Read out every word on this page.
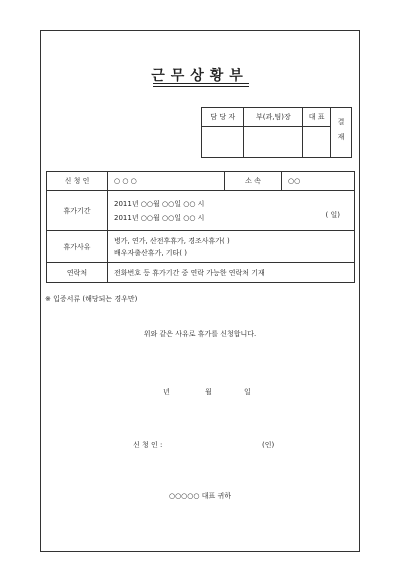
근무상황부
담 당 자	부(과,팀)장	대 표	결재

신 청 인	○ ○ ○	소 속	○○
휴가기간	2011년 ○○월 ○○일 ○○ 시
2011년 ○○월 ○○일 ○○ 시 ( 일)		

휴가사유	병가, 연가, 산전후휴가, 경조사휴가( )
배우자출산휴가, 기타( )		

연락처	전화번호 등 휴가기간 중 연락 가능한 연락처 기재		
※ 입증서류 (해당되는 경우만)
위와 같은 사유로 휴가를 신청합니다.
년	월	일
신 청 인 :	(인)
○○○○○ 대표 귀하
